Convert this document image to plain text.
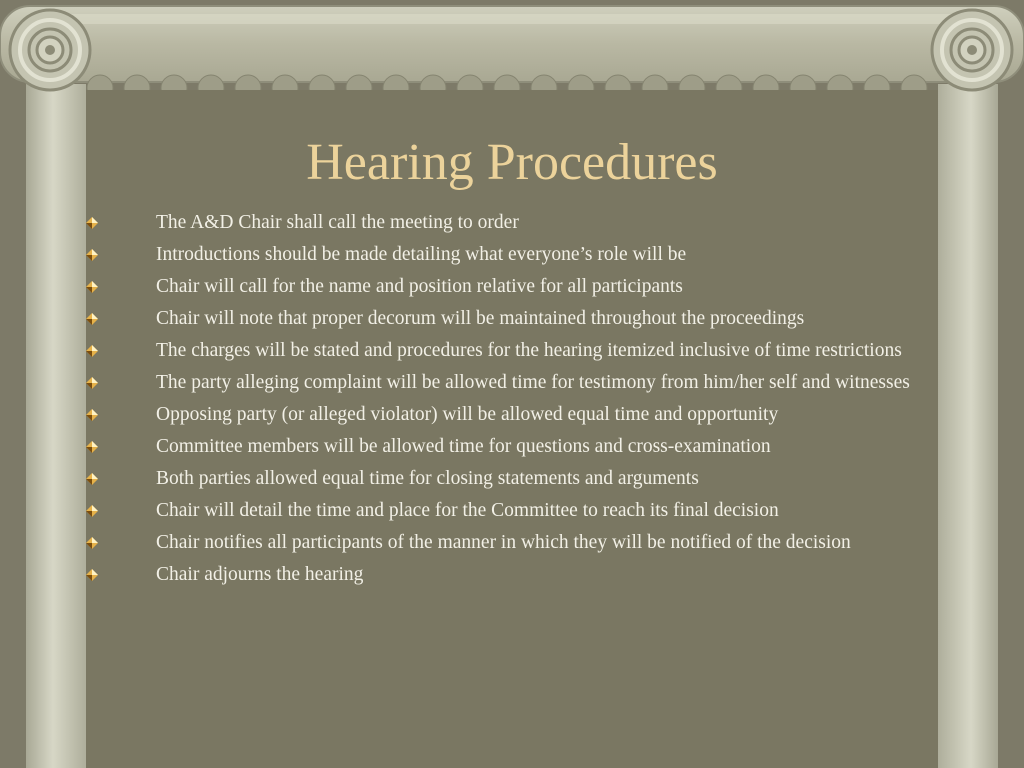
Hearing Procedures
The A&D Chair shall call the meeting to order
Introductions should be made detailing what everyone’s role will be
Chair will call for the name and position relative for all participants
Chair will note that proper decorum will be maintained throughout the proceedings
The charges will be stated and procedures for the hearing itemized inclusive of time restrictions
The party alleging complaint will be allowed time for testimony from him/her self and witnesses
Opposing party (or alleged violator) will be allowed equal time and opportunity
Committee members will be allowed time for questions and cross-examination
Both parties allowed equal time for closing statements and arguments
Chair will detail the time and place for the Committee to reach its final decision
Chair notifies all participants of the manner in which they will be notified of the decision
Chair adjourns the hearing
